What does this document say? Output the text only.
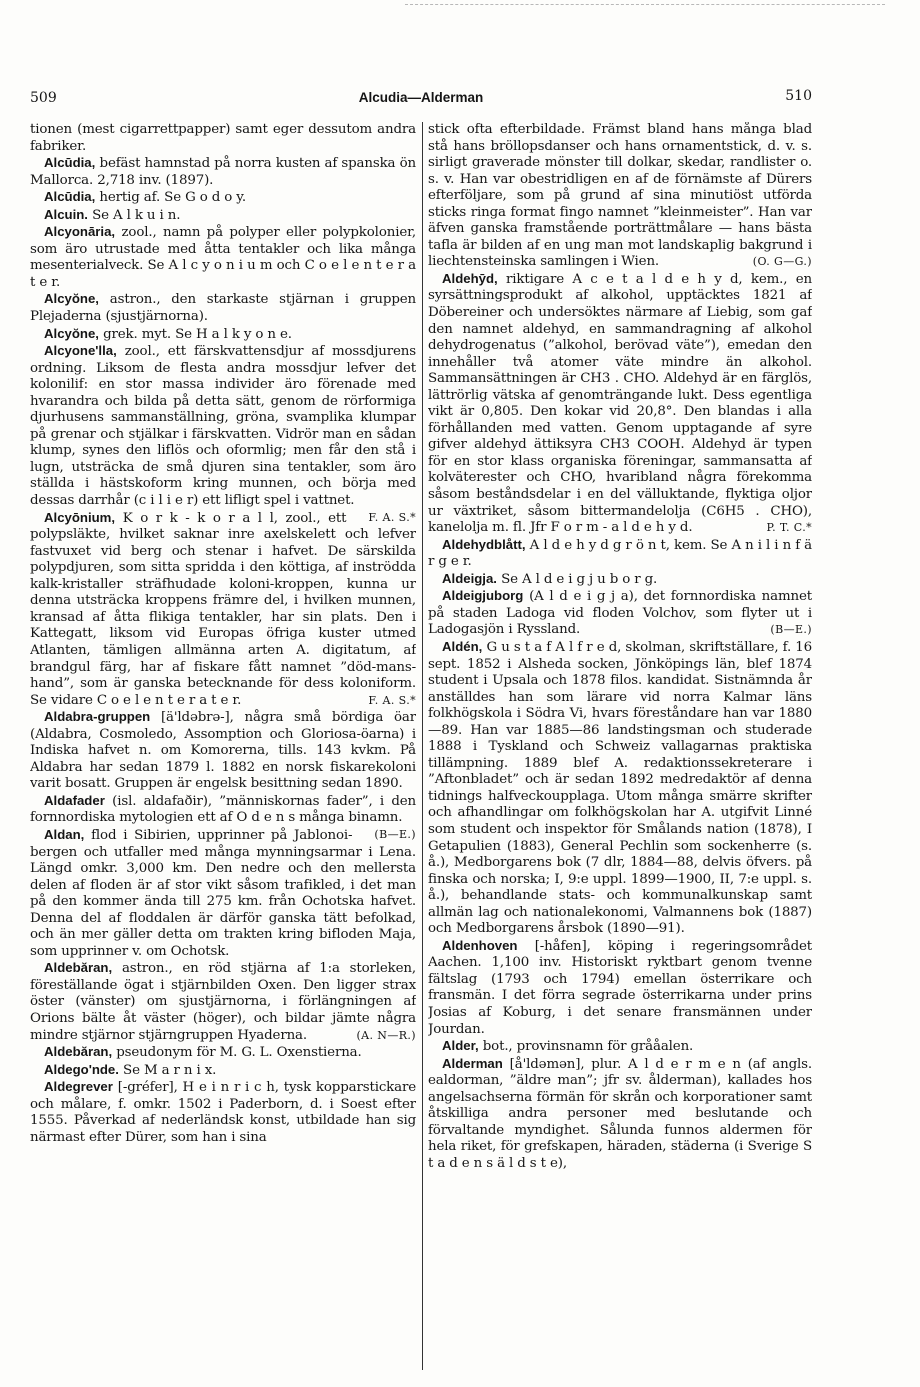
509	Alcudia—Alderman	510

tionen (mest cigarrettpapper) samt eger dessutom andra fabriker.

Alcūdia, befäst hamnstad på norra kusten af spanska ön Mallorca. 2,718 inv. (1897).

Alcūdia, hertig af. Se G o d o y.

Alcuin. Se A l k u i n.

Alcyonāria, zool., namn på polyper eller polypkolonier, som äro utrustade med åtta tentakler och lika många mesenterialveck. Se A l c y o n i u m och C o e l e n t e r a t e r.

Alcyŏne, astron., den starkaste stjärnan i gruppen Plejaderna (sjustjärnorna).

Alcyŏne, grek. myt. Se H a l k y o n e.

Alcyone'lla, zool., ett färskvattensdjur af mossdjurens ordning. Liksom de flesta andra mossdjur lefver det kolonilif: en stor massa individer äro förenade med hvarandra och bilda på detta sätt, genom de rörformiga djurhusens sammanställning, gröna, svamplika klumpar på grenar och stjälkar i färskvatten. Vidrör man en sådan klump, synes den liflös och oformlig; men får den stå i lugn, utsträcka de små djuren sina tentakler, som äro ställda i hästskoform kring munnen, och börja med dessas darrhår (c i l i e r) ett lifligt spel i vattnet.
F. A. S.*

Alcyōnium, K o r k - k o r a l l, zool., ett polypsläkte, hvilket saknar inre axelskelett och lefver fastvuxet vid berg och stenar i hafvet. De särskilda polypdjuren, som sitta spridda i den köttiga, af inströdda kalk-kristaller sträfhudade koloni-kroppen, kunna ur denna utsträcka kroppens främre del, i hvilken munnen, kransad af åtta flikiga tentakler, har sin plats. Den i Kattegatt, liksom vid Europas öfriga kuster utmed Atlanten, tämligen allmänna arten A. digitatum, af brandgul färg, har af fiskare fått namnet ”död-mans-hand”, som är ganska betecknande för dess koloniform. Se vidare C o e l e n t e r a t e r.	F. A. S.*

Aldabra-gruppen [ä'ldəbrə-], några små bördiga öar (Aldabra, Cosmoledo, Assomption och Gloriosa-öarna) i Indiska hafvet n. om Komorerna, tills. 143 kvkm. På Aldabra har sedan 1879 l. 1882 en norsk fiskarekoloni varit bosatt. Gruppen är engelsk besittning sedan 1890.

Aldafader (isl. aldafaðir), ”människornas fader”, i den fornnordiska mytologien ett af O d e n s många binamn.
(B—E.)

Aldan, flod i Sibirien, upprinner på Jablonoi-bergen och utfaller med många mynningsarmar i Lena. Längd omkr. 3,000 km. Den nedre och den mellersta delen af floden är af stor vikt såsom trafikled, i det man på den kommer ända till 275 km. från Ochotska hafvet. Denna del af floddalen är därför ganska tätt befolkad, och än mer gäller detta om trakten kring bifloden Maja, som upprinner v. om Ochotsk.

Aldebăran, astron., en röd stjärna af 1:a storleken, föreställande ögat i stjärnbilden Oxen. Den ligger strax öster (vänster) om sjustjärnorna, i förlängningen af Orions bälte åt väster (höger), och bildar jämte några mindre stjärnor stjärngruppen Hyaderna.	(A. N—R.)

Aldebăran, pseudonym för M. G. L. Oxenstierna.

Aldego'nde. Se M a r n i x.

Aldegrever [-gréfer], H e i n r i c h, tysk kopparstickare och målare, f. omkr. 1502 i Paderborn, d. i Soest efter 1555. Påverkad af nederländsk konst, utbildade han sig närmast efter Dürer, som han i sina

stick ofta efterbildade. Främst bland hans många blad stå hans bröllopsdanser och hans ornamentstick, d. v. s. sirligt graverade mönster till dolkar, skedar, randlister o. s. v. Han var obestridligen en af de förnämste af Dürers efterföljare, som på grund af sina minutiöst utförda sticks ringa format fingo namnet ”kleinmeister”. Han var äfven ganska framstående porträttmålare — hans bästa tafla är bilden af en ung man mot landskaplig bakgrund i liechtensteinska samlingen i Wien.	(O. G—G.)

Aldehȳd, riktigare A c e t a l d e h y d, kem., en syrsättningsprodukt af alkohol, upptäcktes 1821 af Döbereiner och undersöktes närmare af Liebig, som gaf den namnet aldehyd, en sammandragning af alkohol dehydrogenatus (”alkohol, berövad väte”), emedan den innehåller två atomer väte mindre än alkohol. Sammansättningen är CH3 . CHO. Aldehyd är en färglös, lättrörlig vätska af genomträngande lukt. Dess egentliga vikt är 0,805. Den kokar vid 20,8°. Den blandas i alla förhållanden med vatten. Genom upptagande af syre gifver aldehyd ättiksyra CH3 COOH. Aldehyd är typen för en stor klass organiska föreningar, sammansatta af kolväterester och CHO, hvaribland några förekomma såsom beståndsdelar i en del välluktande, flyktiga oljor ur växtriket, såsom bittermandelolja (C6H5 . CHO), kanelolja m. fl. Jfr F o r m - a l d e h y d.	P. T. C.*

Aldehydblått, A l d e h y d g r ö n t, kem. Se A n i l i n f ä r g e r.

Aldeigja. Se A l d e i g j u b o r g.

Aldeigjuborg (A l d e i g j a), det fornnordiska namnet på staden Ladoga vid floden Volchov, som flyter ut i Ladogasjön i Ryssland.	(B—E.)

Aldén, G u s t a f A l f r e d, skolman, skriftställare, f. 16 sept. 1852 i Alsheda socken, Jönköpings län, blef 1874 student i Upsala och 1878 filos. kandidat. Sistnämnda år anställdes han som lärare vid norra Kalmar läns folkhögskola i Södra Vi, hvars föreståndare han var 1880—89. Han var 1885—86 landstingsman och studerade 1888 i Tyskland och Schweiz vallagarnas praktiska tillämpning. 1889 blef A. redaktionssekreterare i ”Aftonbladet” och är sedan 1892 medredaktör af denna tidnings halfveckoupplaga. Utom många smärre skrifter och afhandlingar om folkhögskolan har A. utgifvit Linné som student och inspektor för Smålands nation (1878), I Getapulien (1883), General Pechlin som sockenherre (s. å.), Medborgarens bok (7 dlr, 1884—88, delvis öfvers. på finska och norska; I, 9:e uppl. 1899—1900, II, 7:e uppl. s. å.), behandlande stats- och kommunalkunskap samt allmän lag och nationalekonomi, Valmannens bok (1887) och Medborgarens årsbok (1890—91).

Aldenhoven [-håfen], köping i regeringsområdet Aachen. 1,100 inv. Historiskt ryktbart genom tvenne fältslag (1793 och 1794) emellan österrikare och fransmän. I det förra segrade österrikarna under prins Josias af Koburg, i det senare fransmännen under Jourdan.

Alder, bot., provinsnamn för grååalen.

Alderman [å'ldəmən], plur. A l d e r m e n (af angls. ealdorman, ”äldre man”; jfr sv. ålderman), kallades hos angelsachserna förmän för skrån och korporationer samt åtskilliga andra personer med beslutande och förvaltande myndighet. Sålunda funnos aldermen för hela riket, för grefskapen, häraden, städerna (i Sverige S t a d e n s ä l d s t e),
